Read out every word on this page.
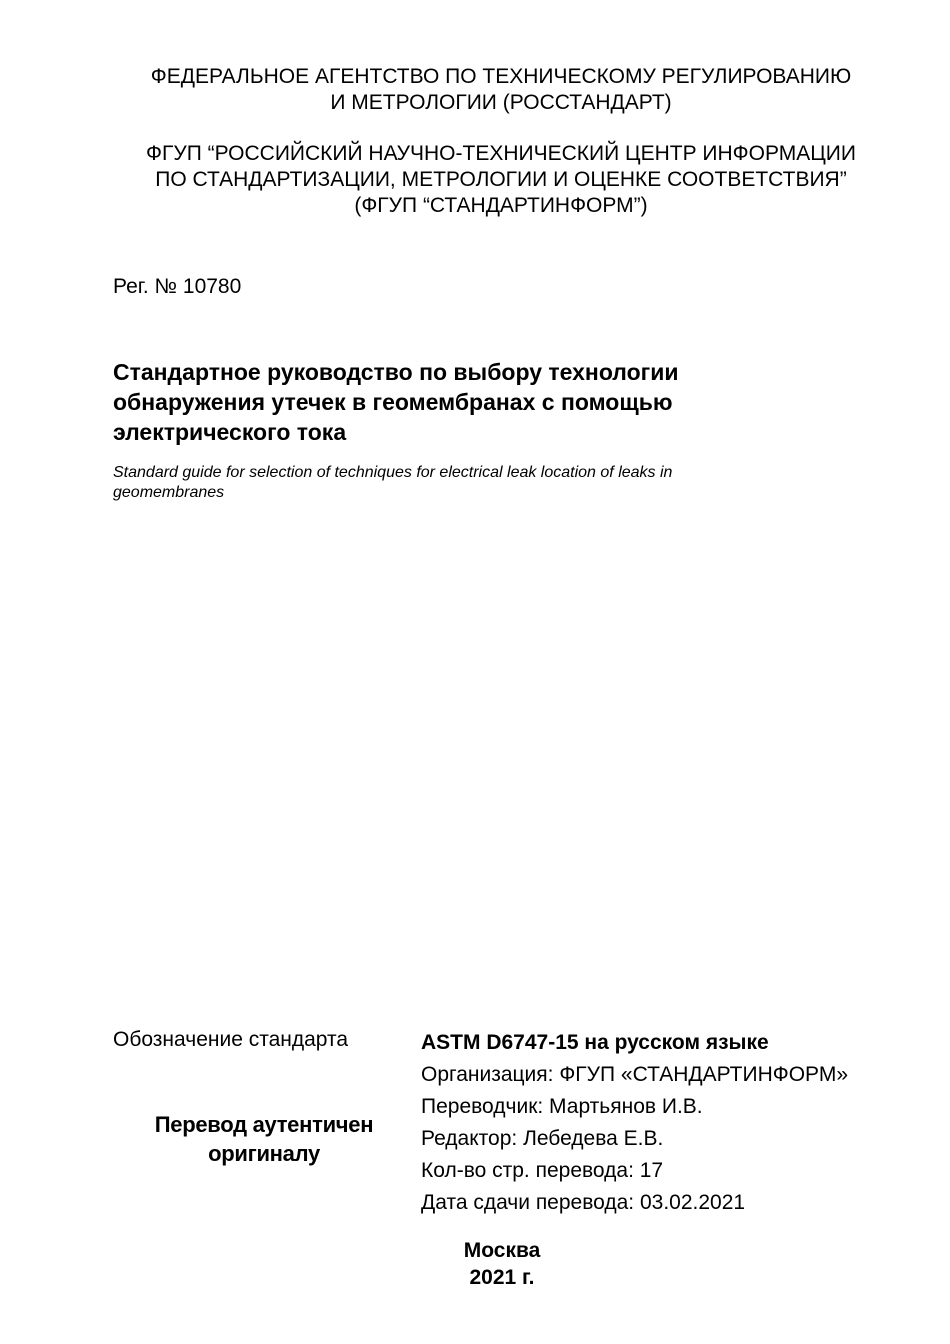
ФЕДЕРАЛЬНОЕ АГЕНТСТВО ПО ТЕХНИЧЕСКОМУ РЕГУЛИРОВАНИЮ
И МЕТРОЛОГИИ (РОССТАНДАРТ)
ФГУП “РОССИЙСКИЙ НАУЧНО-ТЕХНИЧЕСКИЙ ЦЕНТР ИНФОРМАЦИИ
ПО СТАНДАРТИЗАЦИИ, МЕТРОЛОГИИ И ОЦЕНКЕ СООТВЕТСТВИЯ”
(ФГУП “СТАНДАРТИНФОРМ”)
Рег. № 10780
Стандартное руководство по выбору технологии
обнаружения утечек в геомембранах с помощью
электрического тока
Standard guide for selection of techniques for electrical leak location of leaks in
geomembranes
Обозначение стандарта
Перевод аутентичен
оригиналу
ASTM D6747-15 на русском языке
Организация: ФГУП «СТАНДАРТИНФОРМ»
Переводчик: Мартьянов И.В.
Редактор: Лебедева Е.В.
Кол-во стр. перевода: 17
Дата сдачи перевода: 03.02.2021
Москва
2021 г.
